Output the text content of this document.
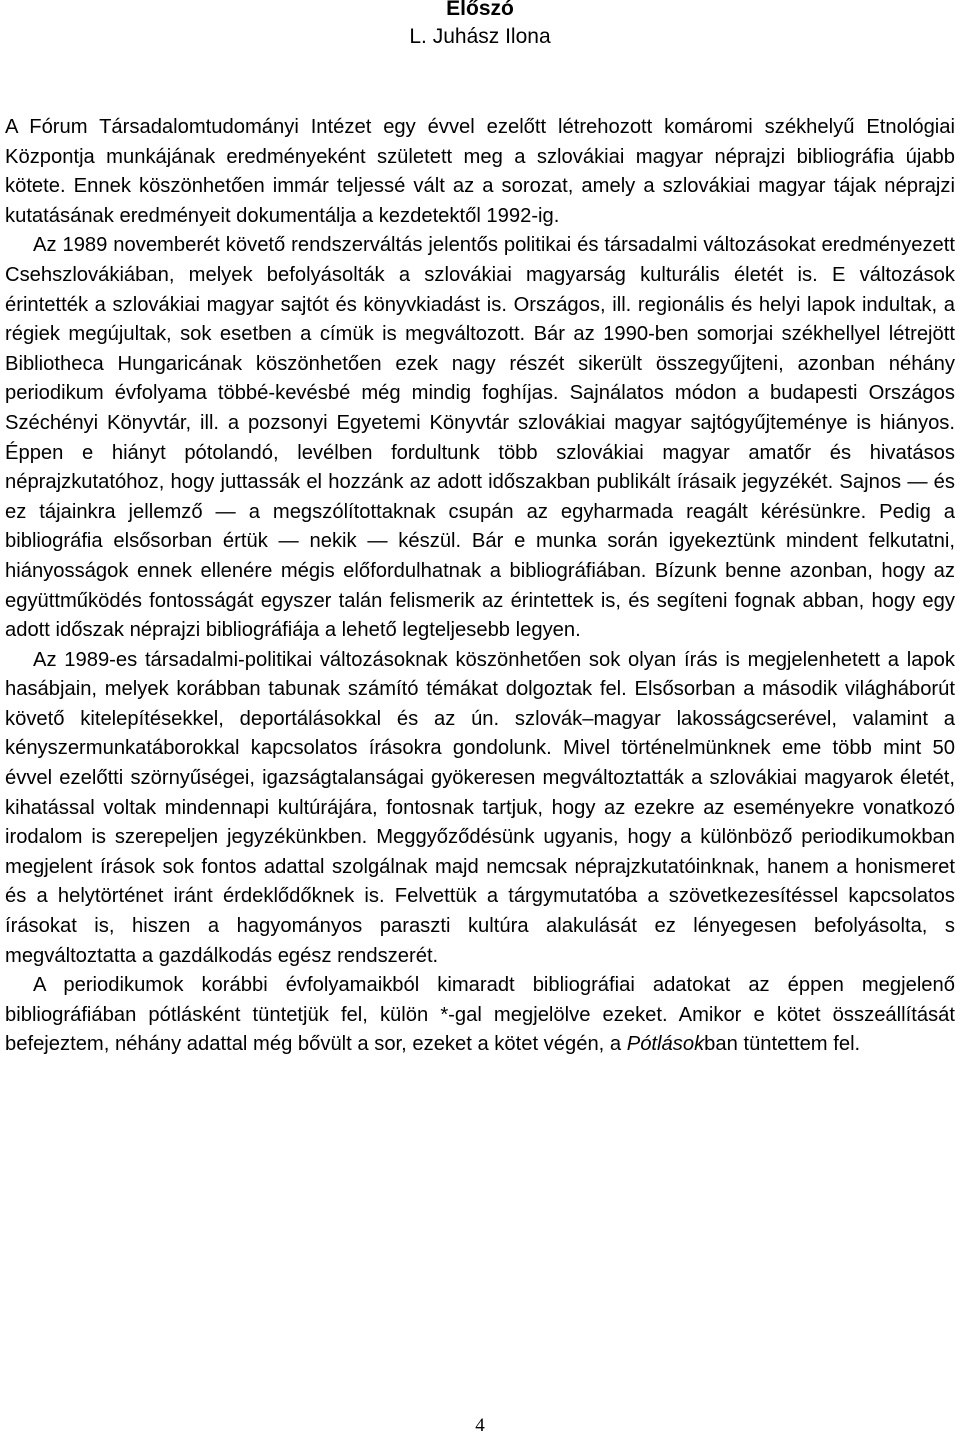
Előszó
L. Juhász Ilona

A Fórum Társadalomtudományi Intézet egy évvel ezelőtt létrehozott komáromi székhelyű Etnológiai Központja munkájának eredményeként született meg a szlovákiai magyar néprajzi bibliográfia újabb kötete. Ennek köszönhetően immár teljessé vált az a sorozat, amely a szlovákiai magyar tájak néprajzi kutatásának eredményeit dokumentálja a kezdetektől 1992-ig.

Az 1989 novemberét követő rendszerváltás jelentős politikai és társadalmi változásokat eredményezett Csehszlovákiában, melyek befolyásolták a szlovákiai magyarság kulturális életét is. E változások érintették a szlovákiai magyar sajtót és könyvkiadást is. Országos, ill. regionális és helyi lapok indultak, a régiek megújultak, sok esetben a címük is megváltozott. Bár az 1990-ben somorjai székhellyel létrejött Bibliotheca Hungaricának köszönhetően ezek nagy részét sikerült összegyűjteni, azonban néhány periodikum évfolyama többé-kevésbé még mindig foghíjas. Sajnálatos módon a budapesti Országos Széchényi Könyvtár, ill. a pozsonyi Egyetemi Könyvtár szlovákiai magyar sajtógyűjteménye is hiányos. Éppen e hiányt pótolandó, levélben fordultunk több szlovákiai magyar amatőr és hivatásos néprajzkutatóhoz, hogy juttassák el hozzánk az adott időszakban publikált írásaik jegyzékét. Sajnos — és ez tájainkra jellemző — a megszólítottaknak csupán az egyharmada reagált kérésünkre. Pedig a bibliográfia elsősorban értük — nekik — készül. Bár e munka során igyekeztünk mindent felkutatni, hiányosságok ennek ellenére mégis előfordulhatnak a bibliográfiában. Bízunk benne azonban, hogy az együttműködés fontosságát egyszer talán felismerik az érintettek is, és segíteni fognak abban, hogy egy adott időszak néprajzi bibliográfiája a lehető legteljesebb legyen.

Az 1989-es társadalmi-politikai változásoknak köszönhetően sok olyan írás is megjelenhetett a lapok hasábjain, melyek korábban tabunak számító témákat dolgoztak fel. Elsősorban a második világháborút követő kitelepítésekkel, deportálásokkal és az ún. szlovák–magyar lakosságcserével, valamint a kényszermunkatáborokkal kapcsolatos írásokra gondolunk. Mivel történelmünknek eme több mint 50 évvel ezelőtti szörnyűségei, igazságtalanságai gyökeresen megváltoztatták a szlovákiai magyarok életét, kihatással voltak mindennapi kultúrájára, fontosnak tartjuk, hogy az ezekre az eseményekre vonatkozó irodalom is szerepeljen jegyzékünkben. Meggyőződésünk ugyanis, hogy a különböző periodikumokban megjelent írások sok fontos adattal szolgálnak majd nemcsak néprajzkutatóinknak, hanem a honismeret és a helytörténet iránt érdeklődőknek is. Felvettük a tárgymutatóba a szövetkezesítéssel kapcsolatos írásokat is, hiszen a hagyományos paraszti kultúra alakulását ez lényegesen befolyásolta, s megváltoztatta a gazdálkodás egész rendszerét.

A periodikumok korábbi évfolyamaikból kimaradt bibliográfiai adatokat az éppen megjelenő bibliográfiában pótlásként tüntetjük fel, külön *-gal megjelölve ezeket. Amikor e kötet összeállítását befejeztem, néhány adattal még bővült a sor, ezeket a kötet végén, a Pótlásokban tüntettem fel.

4
